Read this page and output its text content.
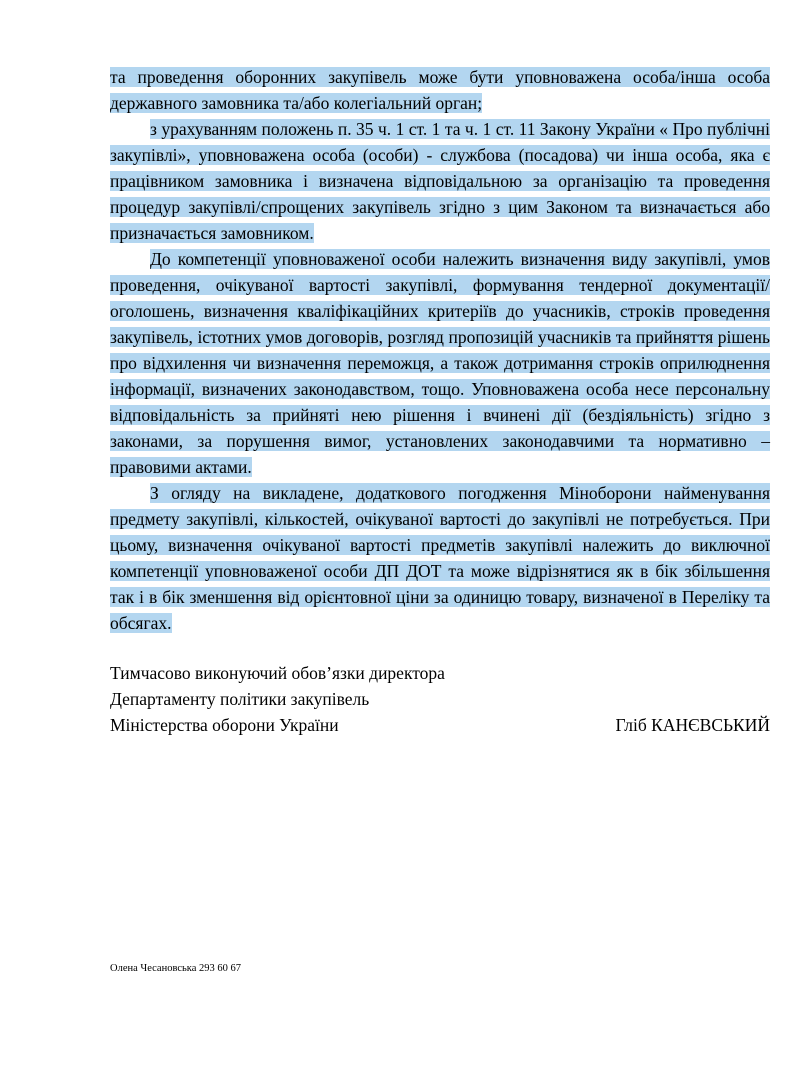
та проведення оборонних закупівель може бути уповноважена особа/інша особа державного замовника та/або колегіальний орган;

з урахуванням положень п. 35 ч. 1 ст. 1 та ч. 1 ст. 11 Закону України « Про публічні закупівлі», уповноважена особа (особи) - службова (посадова) чи інша особа, яка є працівником замовника і визначена відповідальною за організацію та проведення процедур закупівлі/спрощених закупівель згідно з цим Законом та визначається або призначається замовником.

До компетенції уповноваженої особи належить визначення виду закупівлі, умов проведення, очікуваної вартості закупівлі, формування тендерної документації/ оголошень, визначення кваліфікаційних критеріїв до учасників, строків проведення закупівель, істотних умов договорів, розгляд пропозицій учасників та прийняття рішень про відхилення чи визначення переможця, а також дотримання строків оприлюднення інформації, визначених законодавством, тощо. Уповноважена особа несе персональну відповідальність за прийняті нею рішення і вчинені дії (бездіяльність) згідно з законами, за порушення вимог, установлених законодавчими та нормативно – правовими актами.

З огляду на викладене, додаткового погодження Міноборони найменування предмету закупівлі, кількостей, очікуваної вартості до закупівлі не потребується. При цьому, визначення очікуваної вартості предметів закупівлі належить до виключної компетенції уповноваженої особи ДП ДОТ та може відрізнятися як в бік збільшення так і в бік зменшення від орієнтовної ціни за одиницю товару, визначеної в Переліку та обсягах.

Тимчасово виконуючий обов’язки директора
Департаменту політики закупівель
Міністерства оборони України	Гліб КАНЄВСЬКИЙ
Олена Чесановська 293 60 67
